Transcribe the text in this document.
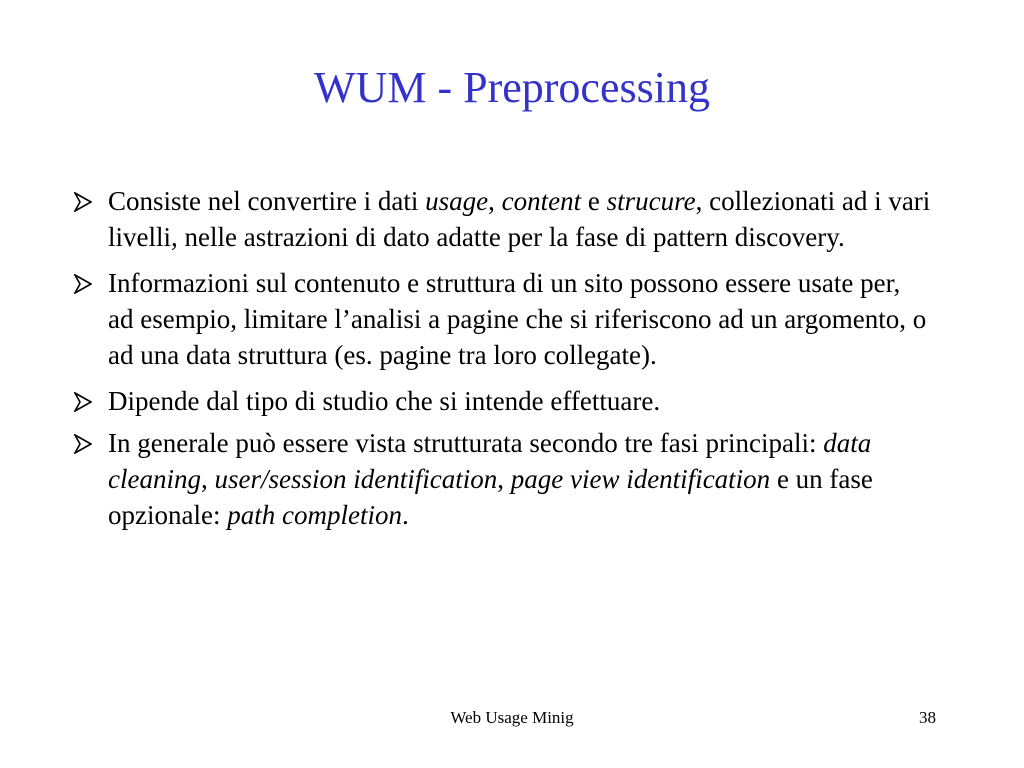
WUM - Preprocessing
Consiste nel convertire i dati usage, content e strucure, collezionati ad i vari livelli, nelle astrazioni di dato adatte per la fase di pattern discovery.
Informazioni sul contenuto e struttura di un sito possono essere usate per, ad esempio, limitare l’analisi a pagine che si riferiscono ad un argomento, o ad una data struttura (es. pagine tra loro collegate).
Dipende dal tipo di studio che si intende effettuare.
In generale può essere vista strutturata secondo tre fasi principali: data cleaning, user/session identification, page view identification e un fase opzionale: path completion.
Web Usage Minig	38
